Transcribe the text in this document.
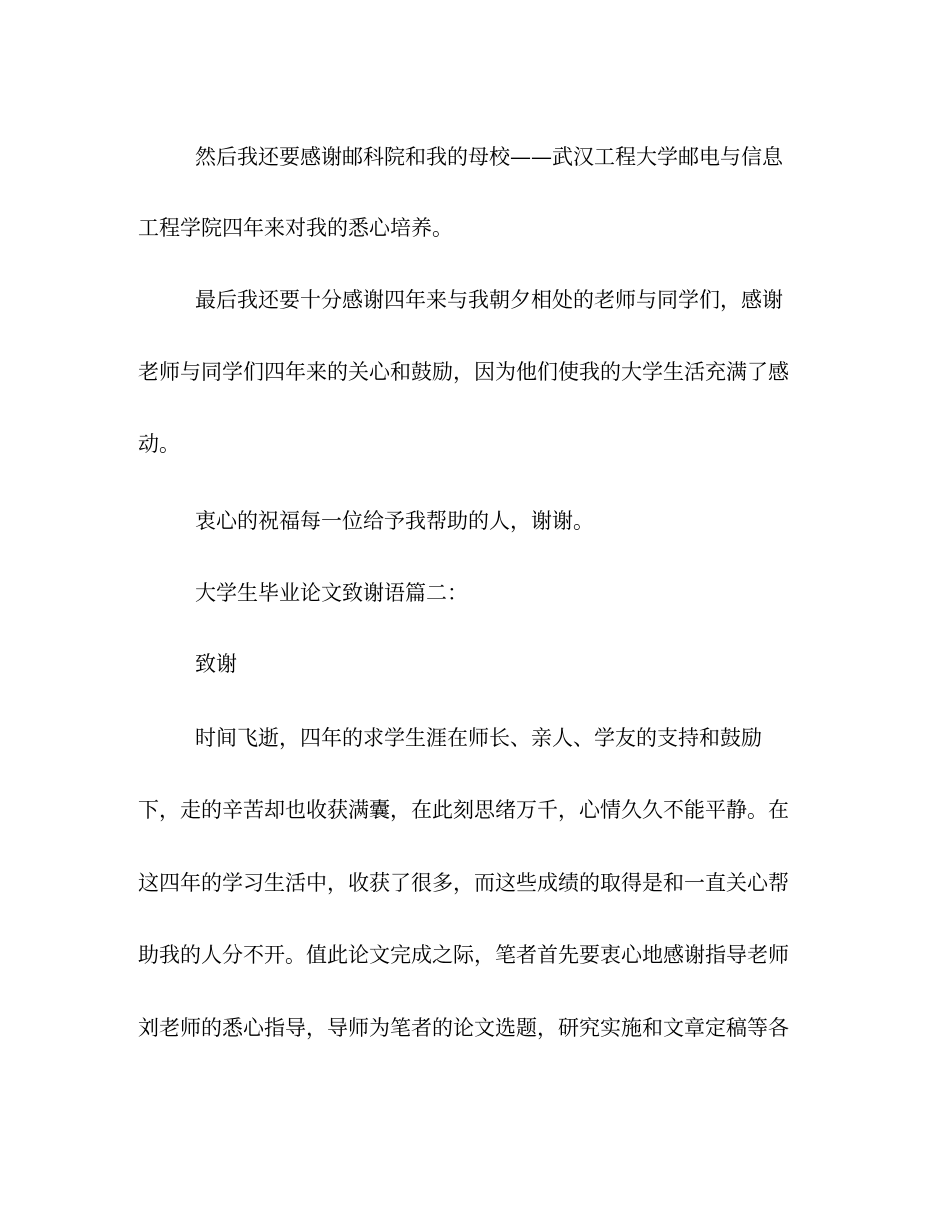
然后我还要感谢邮科院和我的母校——武汉工程大学邮电与信息
工程学院四年来对我的悉心培养。
最后我还要十分感谢四年来与我朝夕相处的老师与同学们，感谢
老师与同学们四年来的关心和鼓励，因为他们使我的大学生活充满了感
动。
衷心的祝福每一位给予我帮助的人，谢谢。
大学生毕业论文致谢语篇二：
致谢
时间飞逝，四年的求学生涯在师长、亲人、学友的支持和鼓励
下，走的辛苦却也收获满囊，在此刻思绪万千，心情久久不能平静。在
这四年的学习生活中，收获了很多，而这些成绩的取得是和一直关心帮
助我的人分不开。值此论文完成之际，笔者首先要衷心地感谢指导老师
刘老师的悉心指导，导师为笔者的论文选题，研究实施和文章定稿等各
